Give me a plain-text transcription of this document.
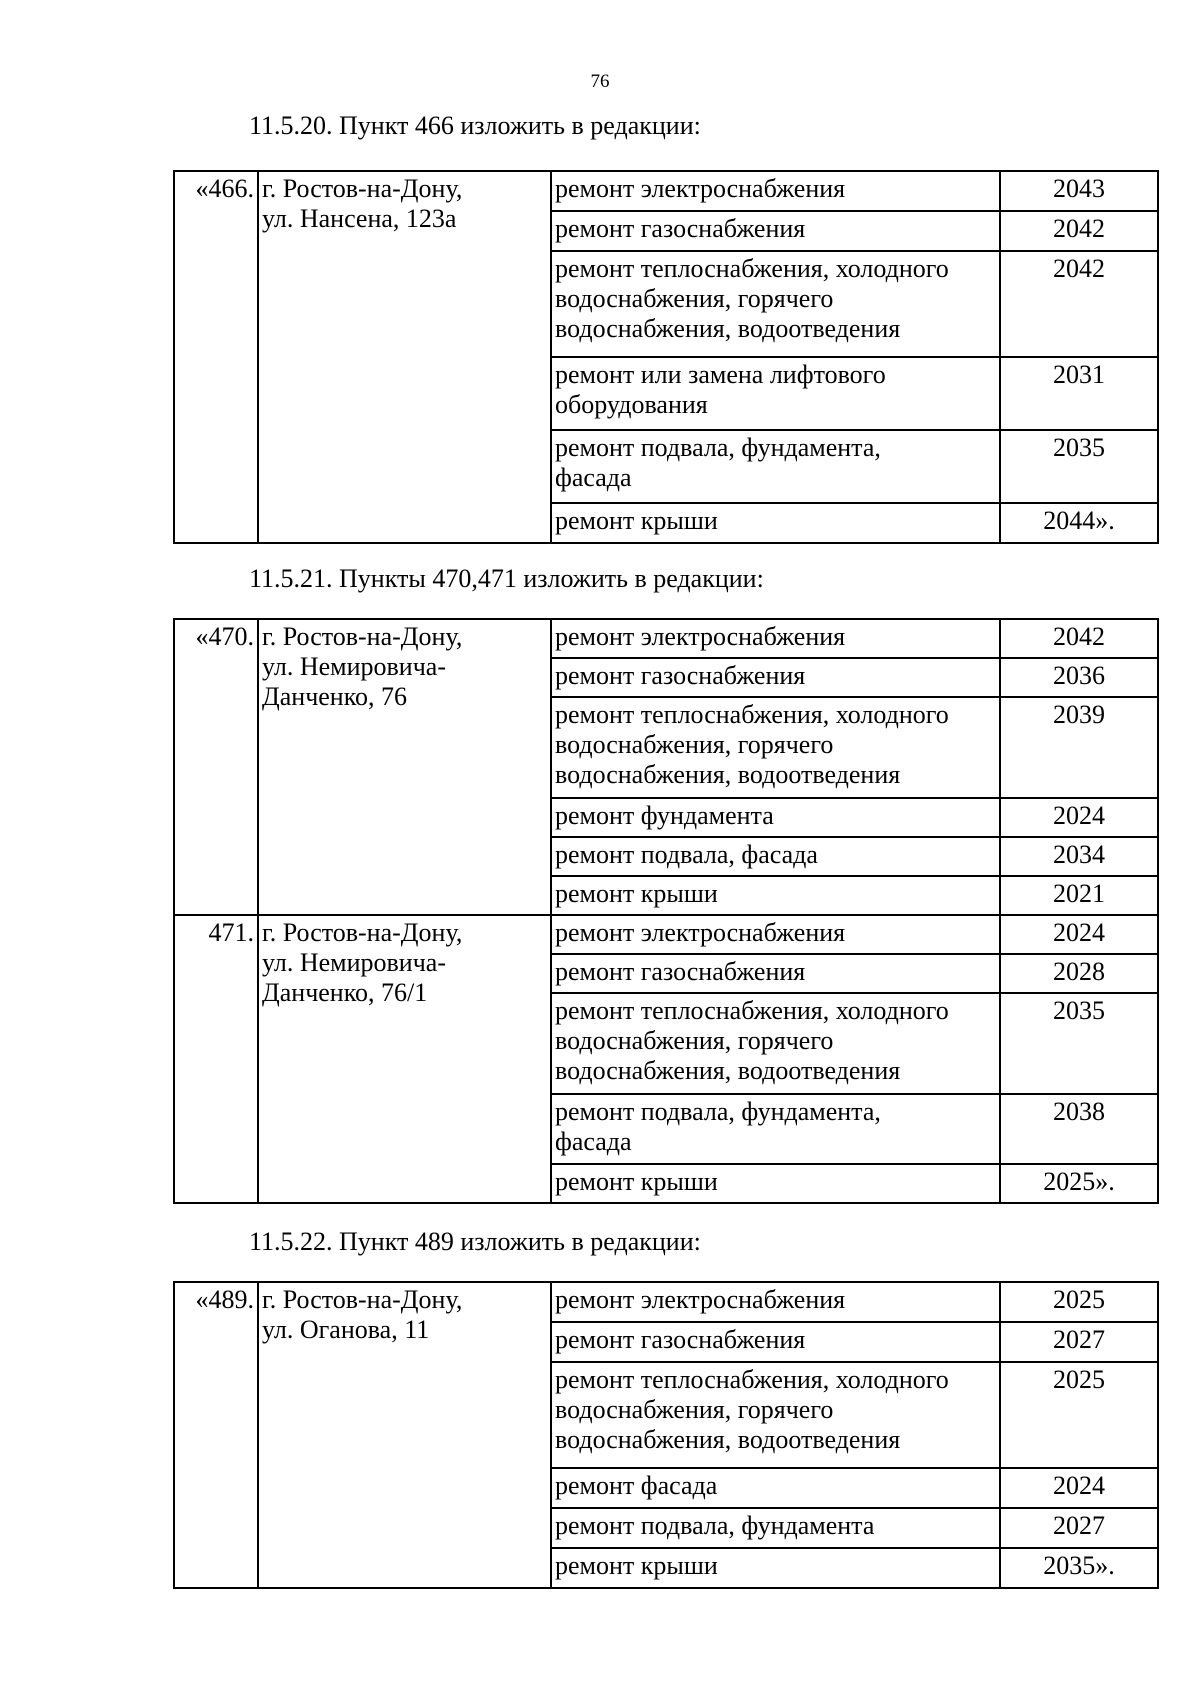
76
11.5.20. Пункт 466 изложить в редакции:
«466.	г. Ростов-на-Дону,
ул. Нансена, 123а	ремонт электроснабжения	2043

		ремонт газоснабжения	2042

		ремонт теплоснабжения, холодного
водоснабжения, горячего
водоснабжения, водоотведения	2042

		ремонт или замена лифтового
оборудования	2031

		ремонт подвала, фундамента,
фасада	2035

		ремонт крыши	2044».
11.5.21. Пункты 470,471 изложить в редакции:
«470.	г. Ростов-на-Дону,
ул. Немировича-
Данченко, 76	ремонт электроснабжения	2042

		ремонт газоснабжения	2036

		ремонт теплоснабжения, холодного
водоснабжения, горячего
водоснабжения, водоотведения	2039

		ремонт фундамента	2024

		ремонт подвала, фасада	2034

		ремонт крыши	2021
471.	г. Ростов-на-Дону,
ул. Немировича-
Данченко, 76/1	ремонт электроснабжения	2024

		ремонт газоснабжения	2028

		ремонт теплоснабжения, холодного
водоснабжения, горячего
водоснабжения, водоотведения	2035

		ремонт подвала, фундамента,
фасада	2038

		ремонт крыши	2025».
11.5.22. Пункт 489 изложить в редакции:
«489.	г. Ростов-на-Дону,
ул. Оганова, 11	ремонт электроснабжения	2025

		ремонт газоснабжения	2027

		ремонт теплоснабжения, холодного
водоснабжения, горячего
водоснабжения, водоотведения	2025

		ремонт фасада	2024

		ремонт подвала, фундамента	2027

		ремонт крыши	2035».
